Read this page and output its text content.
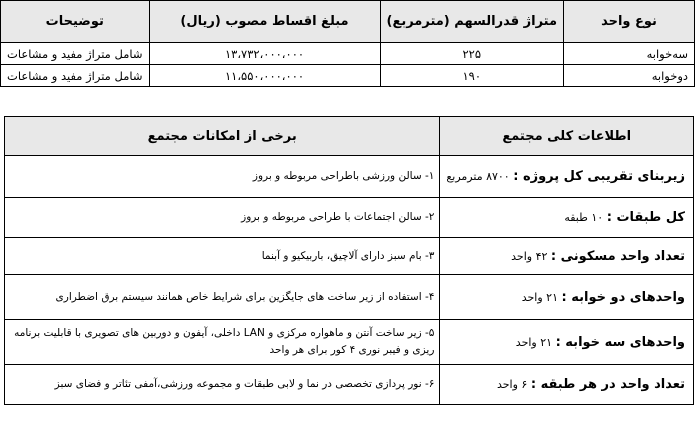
نوع واحد	متراژ قدرالسهم (مترمربع)	مبلغ اقساط مصوب (ریال)	توضیحات
سه‌خوابه	۲۲۵	۱۳،۷۳۲،۰۰۰،۰۰۰	شامل متراژ مفید و مشاعات
دوخوابه	۱۹۰	۱۱،۵۵۰،۰۰۰،۰۰۰	شامل متراژ مفید و مشاعات
اطلاعات کلی مجتمع	برخی از امکانات مجتمع
زیربنای تقریبی کل پروژه : ۸۷۰۰ مترمربع	۱- سالن ورزشی باطراحی مربوطه و بروز
کل طبقات : ۱۰ طبقه	۲- سالن اجتماعات با طراحی مربوطه و بروز
تعداد واحد مسکونی : ۴۲ واحد	۳- بام سبز دارای آلاچیق، باربیکیو و آبنما
واحدهای دو خوابه : ۲۱ واحد	۴- استفاده از زیر ساخت های جایگزین برای شرایط خاص همانند سیستم برق اضطراری
واحدهای سه خوابه : ۲۱ واحد	۵- زیر ساخت آنتن و ماهواره مرکزی و LAN داخلی، آیفون و دوربین های تصویری با قابلیت برنامه ریزی و فیبر نوری ۴ کور برای هر واحد
تعداد واحد در هر طبقه : ۶ واحد	۶- نور پردازی تخصصی در نما و لابی طبقات و مجموعه ورزشی،آمفی تئاتر و فضای سبز
